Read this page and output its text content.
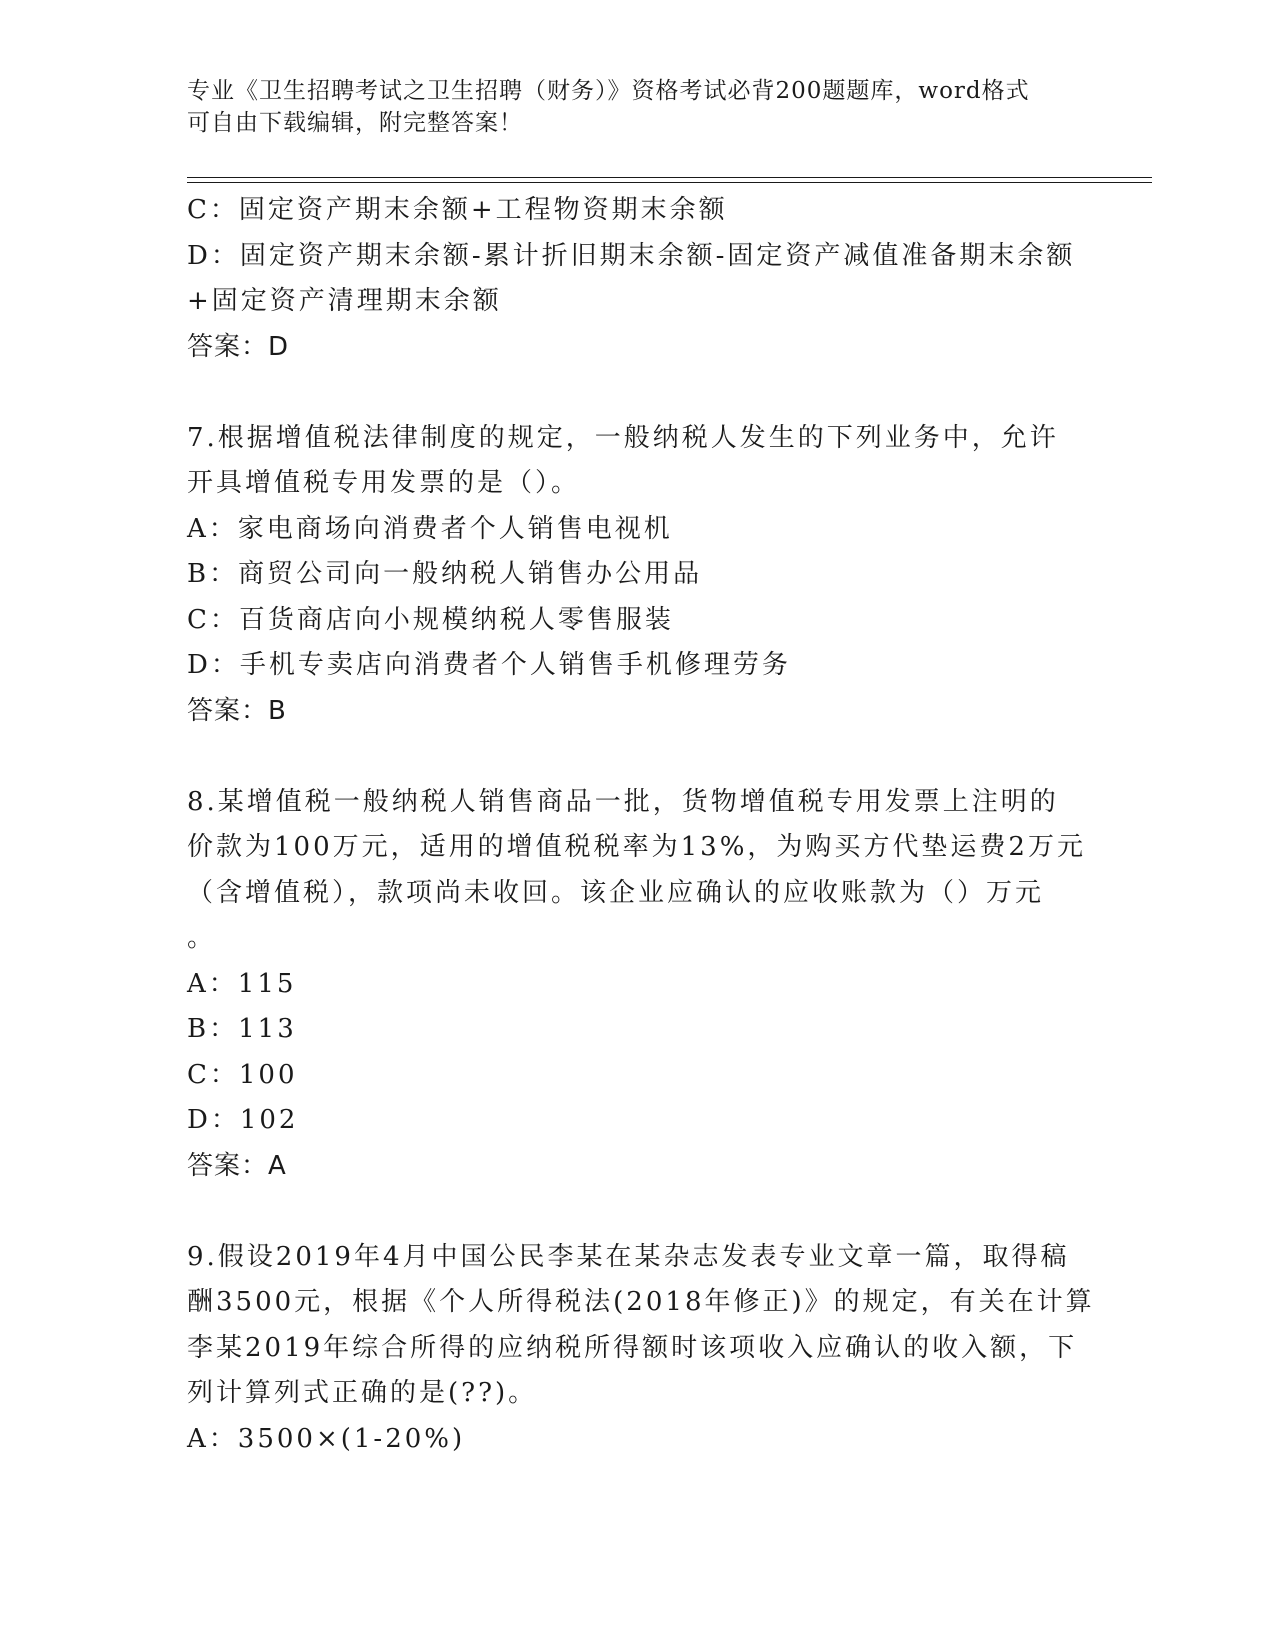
专业《卫生招聘考试之卫生招聘（财务）》资格考试必背200题题库，word格式
可自由下载编辑，附完整答案！
C：固定资产期末余额+工程物资期末余额
D：固定资产期末余额-累计折旧期末余额-固定资产减值准备期末余额
+固定资产清理期末余额
答案：D
7.根据增值税法律制度的规定，一般纳税人发生的下列业务中，允许
开具增值税专用发票的是（）。
A：家电商场向消费者个人销售电视机
B：商贸公司向一般纳税人销售办公用品
C：百货商店向小规模纳税人零售服装
D：手机专卖店向消费者个人销售手机修理劳务
答案：B
8.某增值税一般纳税人销售商品一批，货物增值税专用发票上注明的
价款为100万元，适用的增值税税率为13%，为购买方代垫运费2万元
（含增值税），款项尚未收回。该企业应确认的应收账款为（）万元
。
A：115
B：113
C：100
D：102
答案：A
9.假设2019年4月中国公民李某在某杂志发表专业文章一篇，取得稿
酬3500元，根据《个人所得税法(2018年修正)》的规定，有关在计算
李某2019年综合所得的应纳税所得额时该项收入应确认的收入额，下
列计算列式正确的是(??)。
A：3500×(1-20%)
